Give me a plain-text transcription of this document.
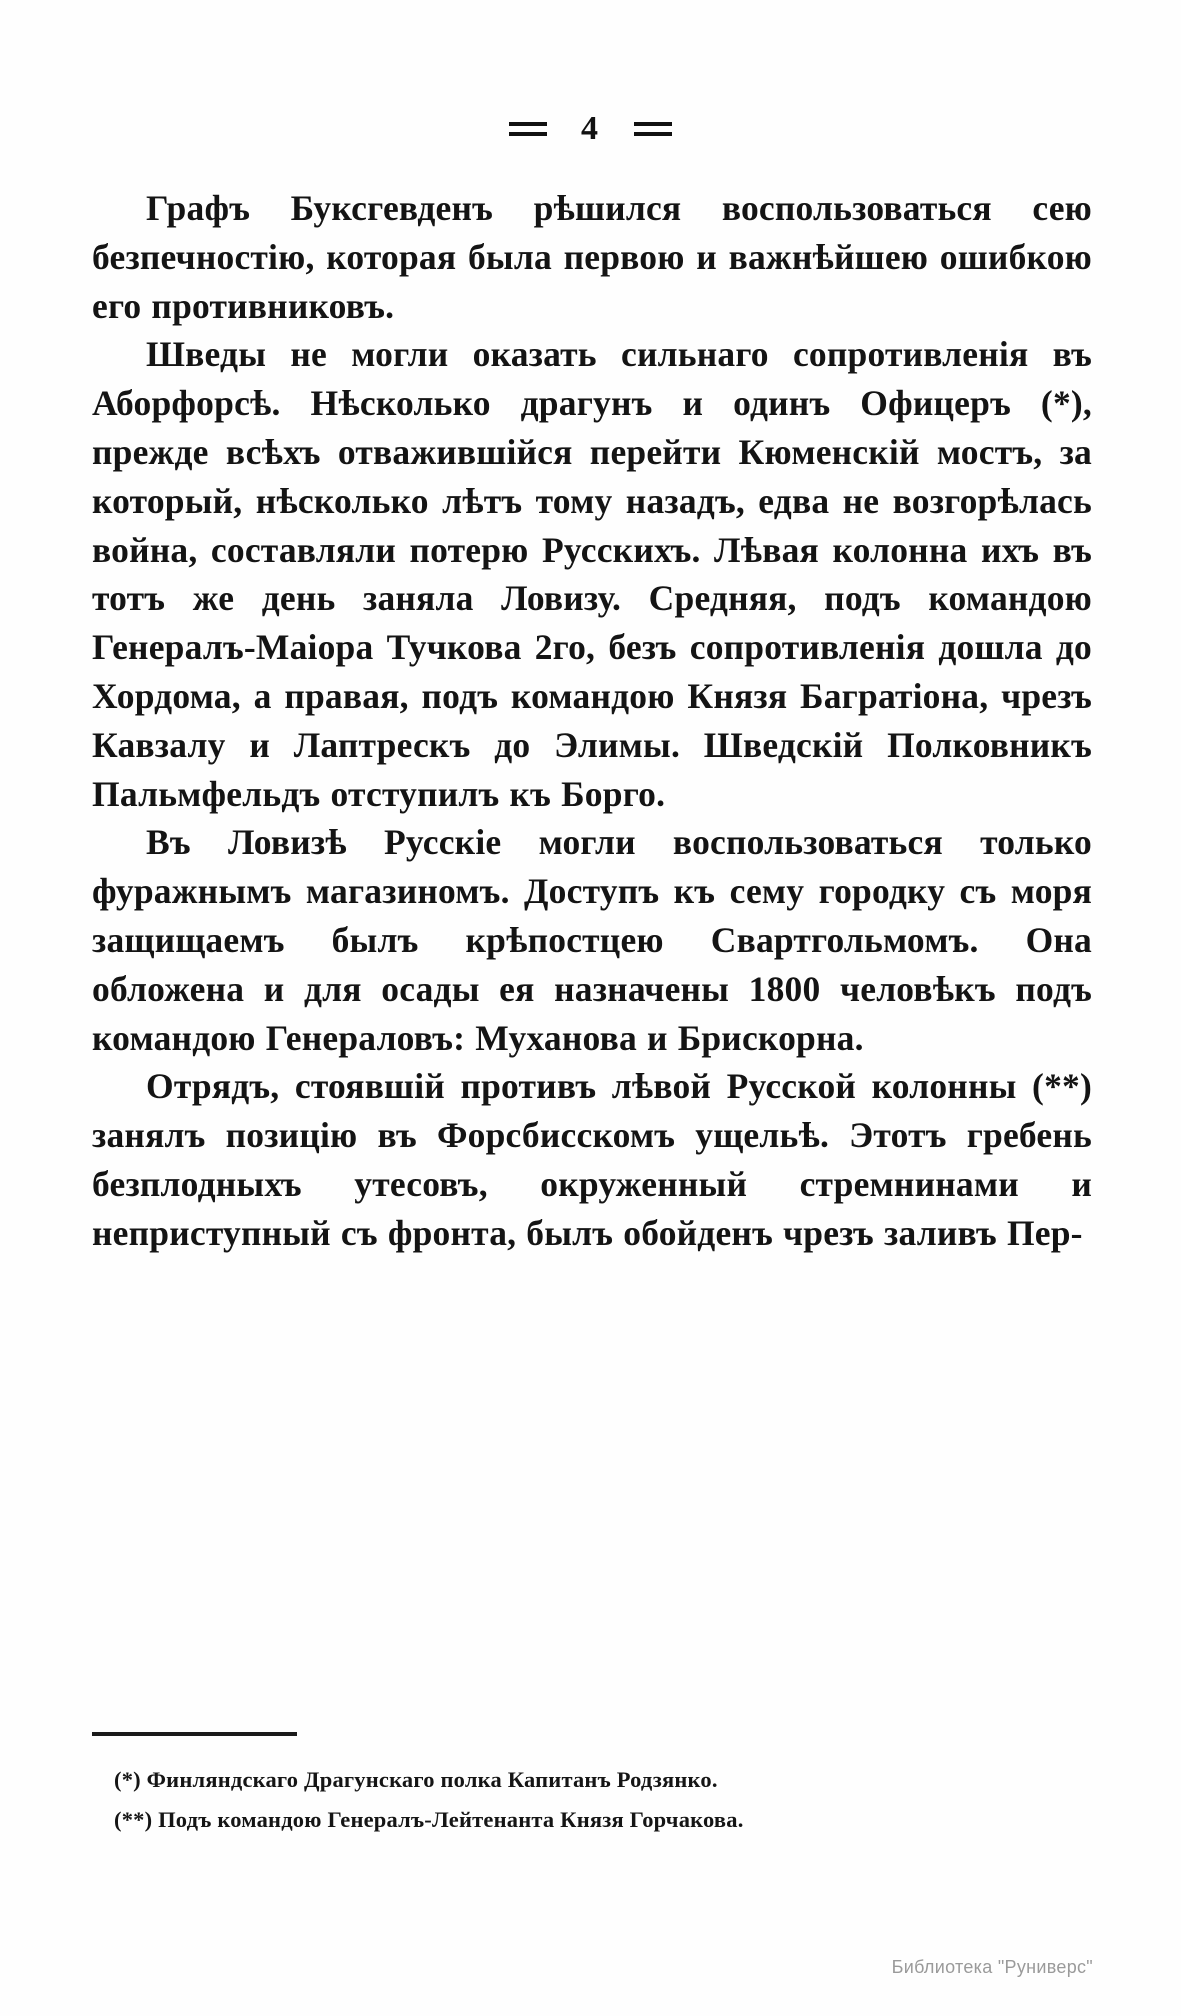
4

Графъ Буксгевденъ рѣшился воспользоваться сею безпечностію, которая была первою и важнѣйшею ошибкою его противниковъ.

Шведы не могли оказать сильнаго сопротивленія въ Аборфорсѣ. Нѣсколько драгунъ и одинъ Офицеръ (*), прежде всѣхъ отважившійся перейти Кюменскій мостъ, за который, нѣсколько лѣтъ тому назадъ, едва не возгорѣлась война, составляли потерю Русскихъ. Лѣвая колонна ихъ въ тотъ же день заняла Ловизу. Средняя, подъ командою Генералъ-Маіора Тучкова 2го, безъ сопротивленія дошла до Хордома, а правая, подъ командою Князя Багратіона, чрезъ Кавзалу и Лаптрескъ до Элимы. Шведскій Полковникъ Пальмфельдъ отступилъ къ Борго.

Въ Ловизѣ Русскіе могли воспользоваться только фуражнымъ магазиномъ. Доступъ къ сему городку съ моря защищаемъ былъ крѣпостцею Свартгольмомъ. Она обложена и для осады ея назначены 1800 человѣкъ подъ командою Генераловъ: Муханова и Брискорна.

Отрядъ, стоявшій противъ лѣвой Русской колонны (**) занялъ позицію въ Форсбисскомъ ущельѣ. Этотъ гребень безплодныхъ утесовъ, окруженный стремнинами и неприступный съ фронта, былъ обойденъ чрезъ заливъ Пер-

(*) Финляндскаго Драгунскаго полка Капитанъ Родзянко.

(**) Подъ командою Генералъ-Лейтенанта Князя Горчакова.

Библиотека "Руниверс"
